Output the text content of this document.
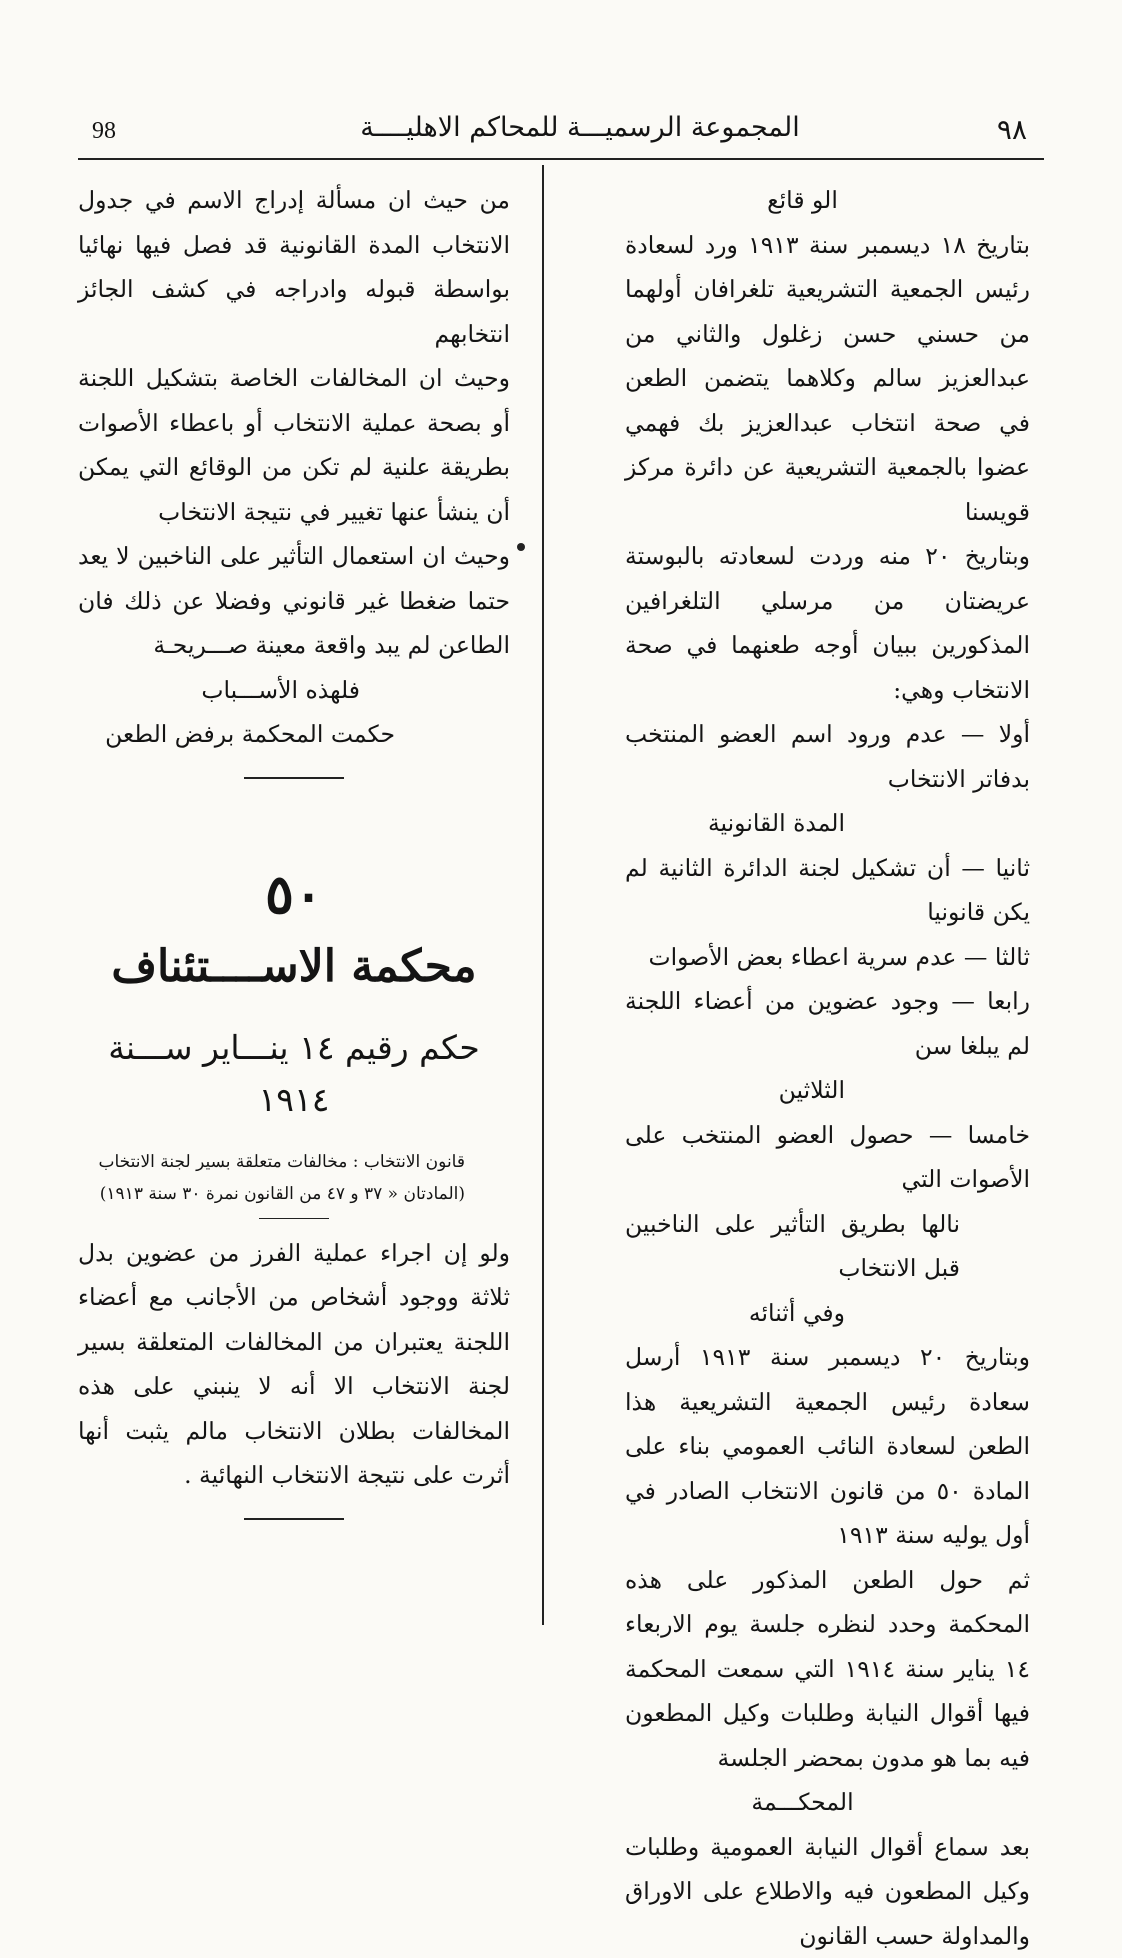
98	المجموعة الرسميـــة للمحاكم الاهليــــة	٩٨

الو قائع

بتاريخ ١٨ ديسمبر سنة ١٩١٣ ورد لسعادة رئيس الجمعية التشريعية تلغرافان أولهما من حسني حسن زغلول والثاني من عبدالعزيز سالم وكلاهما يتضمن الطعن في صحة انتخاب عبدالعزيز بك فهمي عضوا بالجمعية التشريعية عن دائرة مركز قويسنا

وبتاريخ ٢٠ منه وردت لسعادته بالبوستة عريضتان من مرسلي التلغرافين المذكورين ببيان أوجه طعنهما في صحة الانتخاب وهي:

أولا — عدم ورود اسم العضو المنتخب بدفاتر الانتخاب

المدة القانونية

ثانيا — أن تشكيل لجنة الدائرة الثانية لم يكن قانونيا

ثالثا — عدم سرية اعطاء بعض الأصوات

رابعا — وجود عضوين من أعضاء اللجنة لم يبلغا سن

الثلاثين

خامسا — حصول العضو المنتخب على الأصوات التي

نالها بطريق التأثير على الناخبين قبل الانتخاب

وفي أثنائه

وبتاريخ ٢٠ ديسمبر سنة ١٩١٣ أرسل سعادة رئيس الجمعية التشريعية هذا الطعن لسعادة النائب العمومي بناء على المادة ٥٠ من قانون الانتخاب الصادر في أول يوليه سنة ١٩١٣

ثم حول الطعن المذكور على هذه المحكمة وحدد لنظره جلسة يوم الاربعاء ١٤ يناير سنة ١٩١٤ التي سمعت المحكمة فيها أقوال النيابة وطلبات وكيل المطعون فيه بما هو مدون بمحضر الجلسة

المحكـــمة

بعد سماع أقوال النيابة العمومية وطلبات وكيل المطعون فيه والاطلاع على الاوراق والمداولة حسب القانون

من حيث ان مسألة إدراج الاسم في جدول الانتخاب المدة القانونية قد فصل فيها نهائيا بواسطة قبوله وادراجه في كشف الجائز انتخابهم

وحيث ان المخالفات الخاصة بتشكيل اللجنة أو بصحة عملية الانتخاب أو باعطاء الأصوات بطريقة علنية لم تكن من الوقائع التي يمكن أن ينشأ عنها تغيير في نتيجة الانتخاب

وحيث ان استعمال التأثير على الناخبين لا يعد حتما ضغطا غير قانوني وفضلا عن ذلك فان الطاعن لم يبد واقعة معينة صـــريحـة

فلهذه الأســـباب

حكمت المحكمة برفض الطعن

٥٠
محكمة الاســــتئناف
حكم رقيم ١٤ ينـــاير ســـنة ١٩١٤

قانون الانتخاب : مخالفات متعلقة بسير لجنة الانتخاب

(المادتان « ٣٧ و ٤٧ من القانون نمرة ٣٠ سنة ١٩١٣)

ولو إن اجراء عملية الفرز من عضوين بدل ثلاثة ووجود أشخاص من الأجانب مع أعضاء اللجنة يعتبران من المخالفات المتعلقة بسير لجنة الانتخاب الا أنه لا ينبني على هذه المخالفات بطلان الانتخاب مالم يثبت أنها أثرت على نتيجة الانتخاب النهائية .
